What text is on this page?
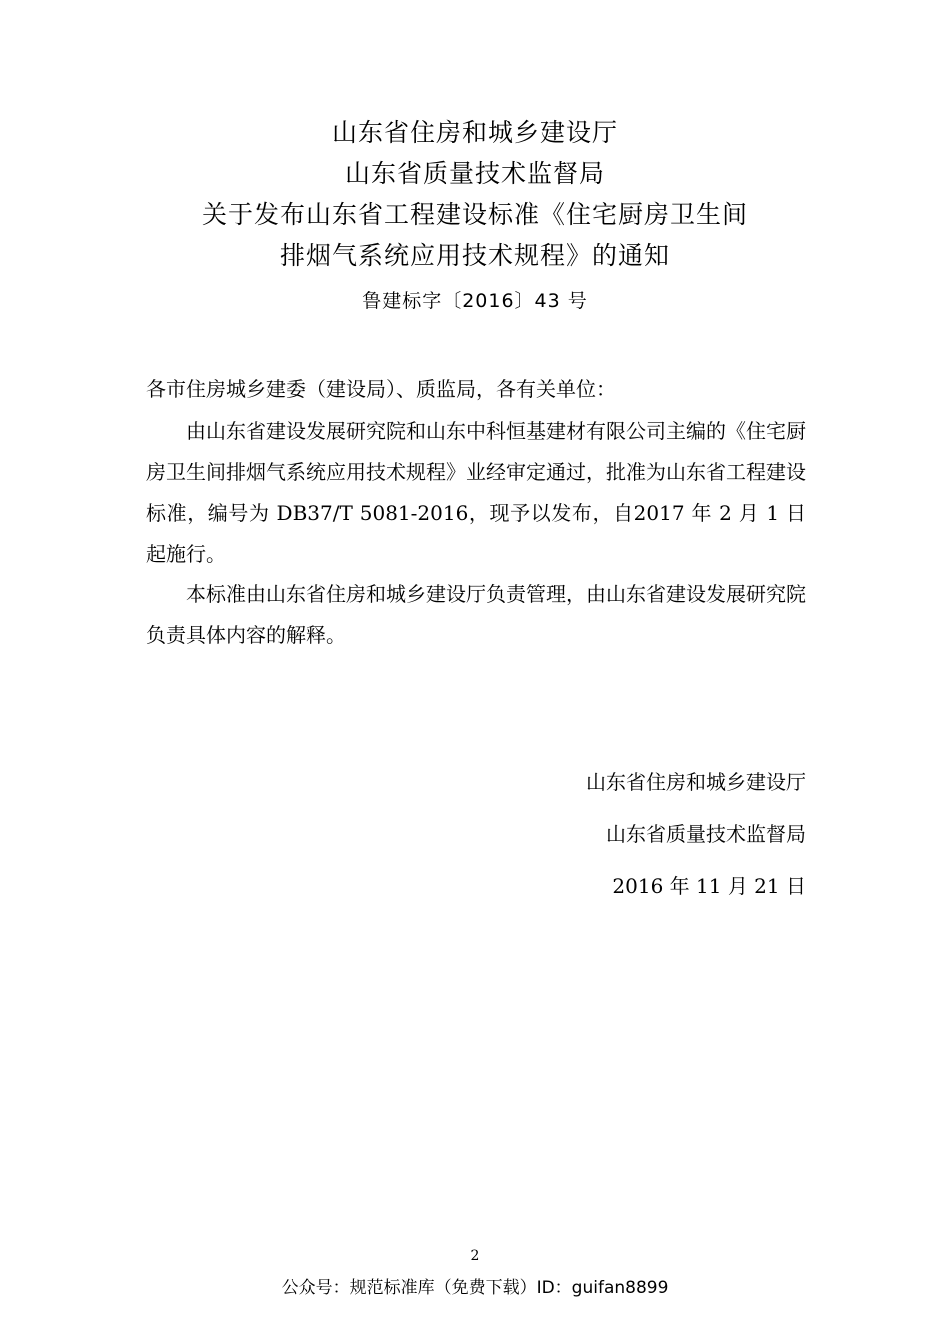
山东省住房和城乡建设厅
山东省质量技术监督局
关于发布山东省工程建设标准《住宅厨房卫生间
排烟气系统应用技术规程》的通知
鲁建标字〔2016〕43 号
各市住房城乡建委（建设局）、质监局，各有关单位：
由山东省建设发展研究院和山东中科恒基建材有限公司主编的《住宅厨房卫生间排烟气系统应用技术规程》业经审定通过，批准为山东省工程建设标准，编号为 DB37/T 5081-2016，现予以发布，自2017 年 2 月 1 日起施行。
本标准由山东省住房和城乡建设厅负责管理，由山东省建设发展研究院负责具体内容的解释。
山东省住房和城乡建设厅
山东省质量技术监督局
2016 年 11 月 21 日
2
公众号：规范标准库（免费下载）ID：guifan8899
